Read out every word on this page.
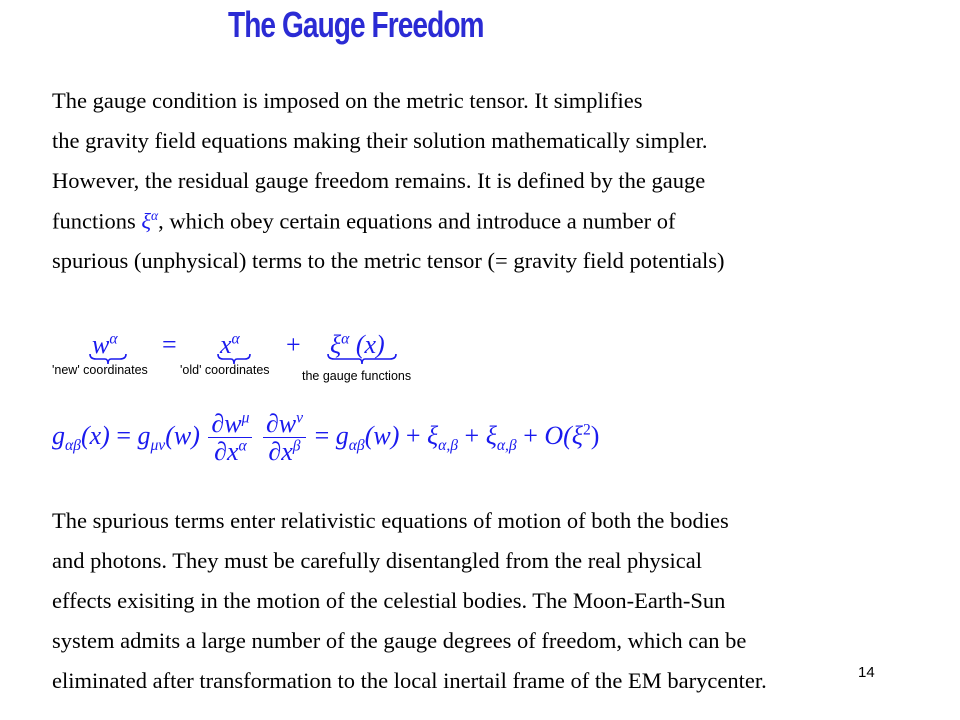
The Gauge Freedom
The gauge condition is imposed on the metric tensor. It simplifies
the gravity field equations making their solution mathematically simpler.
However, the residual gauge freedom remains. It is defined by the gauge
functions $\xi^\alpha$, which obey certain equations and introduce a number of
spurious (unphysical) terms to the metric tensor (= gravity field potentials)
$w^\alpha = x^\alpha + \xi^\alpha$ (x)
'new' coordinates	'old' coordinates	the gauge functions
$g_{\alpha\beta}(x) = g_{\mu\nu}(w) \frac{\partial w^\mu}{\partial x^\alpha}$
$\frac{\partial w^\nu}{\partial x^\beta} = g_{\alpha\beta}(w) + \xi_{\alpha,\beta} + \xi_{\alpha,\beta} + O(\xi^2)$
The spurious terms enter relativistic equations of motion of both the bodies
and photons. They must be carefully disentangled from the real physical
effects exisiting in the motion of the celestial bodies. The Moon-Earth-Sun
system admits a large number of the gauge degrees of freedom, which can be
eliminated after transformation to the local inertail frame of the EM barycenter.	14
